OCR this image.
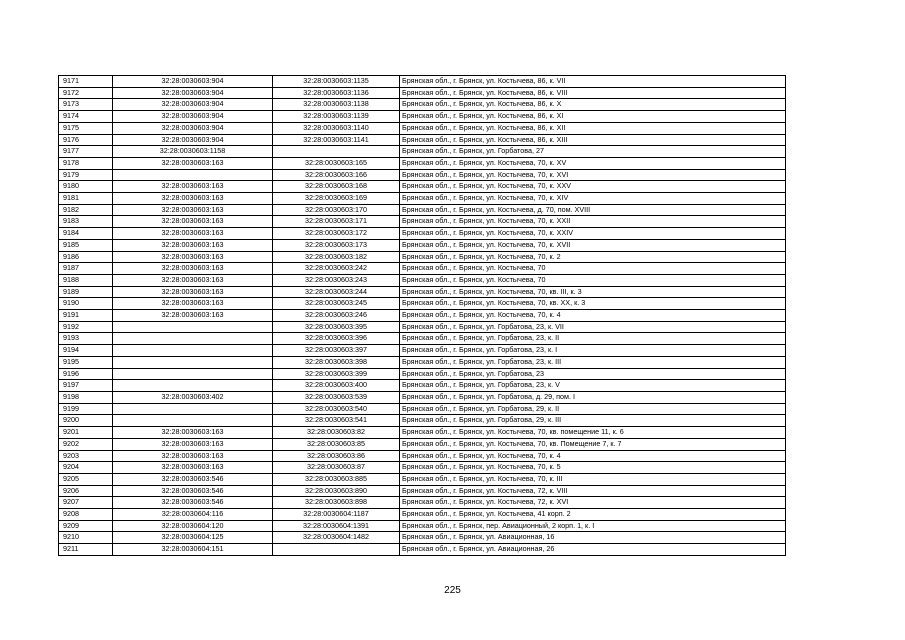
9171	32:28:0030603:904	32:28:0030603:1135	Брянская обл., г. Брянск, ул. Костычева, 86, к. VII
9172	32:28:0030603:904	32:28:0030603:1136	Брянская обл., г. Брянск, ул. Костычева, 86, к. VIII
9173	32:28:0030603:904	32:28:0030603:1138	Брянская обл., г. Брянск, ул. Костычева, 86, к. X
9174	32:28:0030603:904	32:28:0030603:1139	Брянская обл., г. Брянск, ул. Костычева, 86, к. XI
9175	32:28:0030603:904	32:28:0030603:1140	Брянская обл., г. Брянск, ул. Костычева, 86, к. XII
9176	32:28:0030603:904	32:28:0030603:1141	Брянская обл., г. Брянск, ул. Костычева, 86, к. XIII
9177	32:28:0030603:1158		Брянская обл., г. Брянск, ул. Горбатова, 27
9178	32:28:0030603:163	32:28:0030603:165	Брянская обл., г. Брянск, ул. Костычева, 70, к. XV
9179		32:28:0030603:166	Брянская обл., г. Брянск, ул. Костычева, 70, к. XVI
9180	32:28:0030603:163	32:28:0030603:168	Брянская обл., г. Брянск, ул. Костычева, 70, к. XXV
9181	32:28:0030603:163	32:28:0030603:169	Брянская обл., г. Брянск, ул. Костычева, 70, к. XIV
9182	32:28:0030603:163	32:28:0030603:170	Брянская обл., г. Брянск, ул. Костычева, д. 70, пом. XVIII
9183	32:28:0030603:163	32:28:0030603:171	Брянская обл., г. Брянск, ул. Костычева, 70, к. XXII
9184	32:28:0030603:163	32:28:0030603:172	Брянская обл., г. Брянск, ул. Костычева, 70, к. XXIV
9185	32:28:0030603:163	32:28:0030603:173	Брянская обл., г. Брянск, ул. Костычева, 70, к. XVII
9186	32:28:0030603:163	32:28:0030603:182	Брянская обл., г. Брянск, ул. Костычева, 70, к. 2
9187	32:28:0030603:163	32:28:0030603:242	Брянская обл., г. Брянск, ул. Костычева, 70
9188	32:28:0030603:163	32:28:0030603:243	Брянская обл., г. Брянск, ул. Костычева, 70
9189	32:28:0030603:163	32:28:0030603:244	Брянская обл., г. Брянск, ул. Костычева, 70, кв. III, к. 3
9190	32:28:0030603:163	32:28:0030603:245	Брянская обл., г. Брянск, ул. Костычева, 70, кв. XX, к. 3
9191	32:28:0030603:163	32:28:0030603:246	Брянская обл., г. Брянск, ул. Костычева, 70, к. 4
9192		32:28:0030603:395	Брянская обл., г. Брянск, ул. Горбатова, 23, к. VII
9193		32:28:0030603:396	Брянская обл., г. Брянск, ул. Горбатова, 23, к. II
9194		32:28:0030603:397	Брянская обл., г. Брянск, ул. Горбатова, 23, к. I
9195		32:28:0030603:398	Брянская обл., г. Брянск, ул. Горбатова, 23, к. III
9196		32:28:0030603:399	Брянская обл., г. Брянск, ул. Горбатова, 23
9197		32:28:0030603:400	Брянская обл., г. Брянск, ул. Горбатова, 23, к. V
9198	32:28:0030603:402	32:28:0030603:539	Брянская обл., г. Брянск, ул. Горбатова, д. 29, пом. I
9199		32:28:0030603:540	Брянская обл., г. Брянск, ул. Горбатова, 29, к. II
9200		32:28:0030603:541	Брянская обл., г. Брянск, ул. Горбатова, 29, к. III
9201	32:28:0030603:163	32:28:0030603:82	Брянская обл., г. Брянск, ул. Костычева, 70, кв. помещение 11, к. 6
9202	32:28:0030603:163	32:28:0030603:85	Брянская обл., г. Брянск, ул. Костычева, 70, кв. Помещение 7, к. 7
9203	32:28:0030603:163	32:28:0030603:86	Брянская обл., г. Брянск, ул. Костычева, 70, к. 4
9204	32:28:0030603:163	32:28:0030603:87	Брянская обл., г. Брянск, ул. Костычева, 70, к. 5
9205	32:28:0030603:546	32:28:0030603:885	Брянская обл., г. Брянск, ул. Костычева, 70, к. III
9206	32:28:0030603:546	32:28:0030603:890	Брянская обл., г. Брянск, ул. Костычева, 72, к. VIII
9207	32:28:0030603:546	32:28:0030603:898	Брянская обл., г. Брянск, ул. Костычева, 72, к. XVI
9208	32:28:0030604:116	32:28:0030604:1187	Брянская обл., г. Брянск, ул. Костычева, 41 корп. 2
9209	32:28:0030604:120	32:28:0030604:1391	Брянская обл., г. Брянск, пер. Авиационный, 2 корп. 1, к. I
9210	32:28:0030604:125	32:28:0030604:1482	Брянская обл., г. Брянск, ул. Авиационная, 16
9211	32:28:0030604:151		Брянская обл., г. Брянск, ул. Авиационная, 26
225
